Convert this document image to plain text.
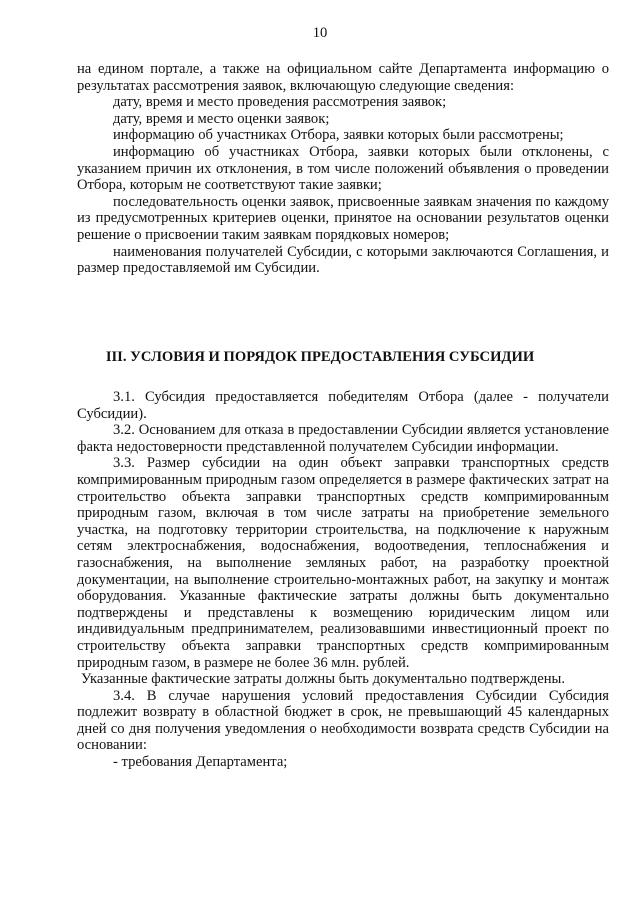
10

на едином портале, а также на официальном сайте Департамента информацию о результатах рассмотрения заявок, включающую следующие сведения:

дату, время и место проведения рассмотрения заявок;

дату, время и место оценки заявок;

информацию об участниках Отбора, заявки которых были рассмотрены;

информацию об участниках Отбора, заявки которых были отклонены, с указанием причин их отклонения, в том числе положений объявления о проведении Отбора, которым не соответствуют такие заявки;

последовательность оценки заявок, присвоенные заявкам значения по каждому из предусмотренных критериев оценки, принятое на основании результатов оценки решение о присвоении таким заявкам порядковых номеров;

наименования получателей Субсидии, с которыми заключаются Соглашения, и размер предоставляемой им Субсидии.

III. УСЛОВИЯ И ПОРЯДОК ПРЕДОСТАВЛЕНИЯ СУБСИДИИ

3.1. Субсидия предоставляется победителям Отбора (далее - получатели Субсидии).

3.2. Основанием для отказа в предоставлении Субсидии является установление факта недостоверности представленной получателем Субсидии информации.

3.3. Размер субсидии на один объект заправки транспортных средств компримированным природным газом определяется в размере фактических затрат на строительство объекта заправки транспортных средств компримированным природным газом, включая в том числе затраты на приобретение земельного участка, на подготовку территории строительства, на подключение к наружным сетям электроснабжения, водоснабжения, водоотведения, теплоснабжения и газоснабжения, на выполнение земляных работ, на разработку проектной документации, на выполнение строительно-монтажных работ, на закупку и монтаж оборудования. Указанные фактические затраты должны быть документально подтверждены и представлены к возмещению юридическим лицом или индивидуальным предпринимателем, реализовавшими инвестиционный проект по строительству объекта заправки транспортных средств компримированным природным газом, в размере не более 36 млн. рублей.

Указанные фактические затраты должны быть документально подтверждены.

3.4. В случае нарушения условий предоставления Субсидии Субсидия подлежит возврату в областной бюджет в срок, не превышающий 45 календарных дней со дня получения уведомления о необходимости возврата средств Субсидии на основании:

- требования Департамента;
